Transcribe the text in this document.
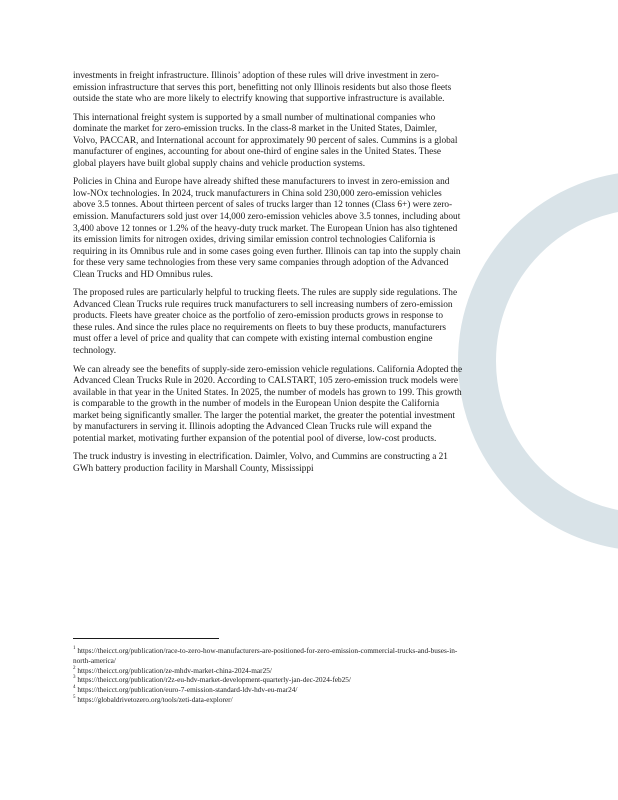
investments in freight infrastructure. Illinois’ adoption of these rules will drive investment in zero-emission infrastructure that serves this port, benefitting not only Illinois residents but also those fleets outside the state who are more likely to electrify knowing that supportive infrastructure is available.

This international freight system is supported by a small number of multinational companies who dominate the market for zero-emission trucks. In the class-8 market in the United States, Daimler, Volvo, PACCAR, and International account for approximately 90 percent of sales. Cummins is a global manufacturer of engines, accounting for about one-third of engine sales in the United States. These global players have built global supply chains and vehicle production systems.

Policies in China and Europe have already shifted these manufacturers to invest in zero-emission and low-NOx technologies. In 2024, truck manufacturers in China sold 230,000 zero-emission vehicles above 3.5 tonnes. About thirteen percent of sales of trucks larger than 12 tonnes (Class 6+) were zero-emission. Manufacturers sold just over 14,000 zero-emission vehicles above 3.5 tonnes, including about 3,400 above 12 tonnes or 1.2% of the heavy-duty truck market. The European Union has also tightened its emission limits for nitrogen oxides, driving similar emission control technologies California is requiring in its Omnibus rule and in some cases going even further. Illinois can tap into the supply chain for these very same technologies from these very same companies through adoption of the Advanced Clean Trucks and HD Omnibus rules.

The proposed rules are particularly helpful to trucking fleets. The rules are supply side regulations. The Advanced Clean Trucks rule requires truck manufacturers to sell increasing numbers of zero-emission products. Fleets have greater choice as the portfolio of zero-emission products grows in response to these rules. And since the rules place no requirements on fleets to buy these products, manufacturers must offer a level of price and quality that can compete with existing internal combustion engine technology.

We can already see the benefits of supply-side zero-emission vehicle regulations. California Adopted the Advanced Clean Trucks Rule in 2020. According to CALSTART, 105 zero-emission truck models were available in that year in the United States. In 2025, the number of models has grown to 199. This growth is comparable to the growth in the number of models in the European Union despite the California market being significantly smaller. The larger the potential market, the greater the potential investment by manufacturers in serving it. Illinois adopting the Advanced Clean Trucks rule will expand the potential market, motivating further expansion of the potential pool of diverse, low-cost products.

The truck industry is investing in electrification. Daimler, Volvo, and Cummins are constructing a 21 GWh battery production facility in Marshall County, Mississippi

$^1$ https://theicct.org/publication/race-to-zero-how-manufacturers-are-positioned-for-zero-emission-commercial-trucks-and-buses-in-north-america/

$^2$ https://theicct.org/publication/ze-mhdv-market-china-2024-mar25/

$^3$ https://theicct.org/publication/r2z-eu-hdv-market-development-quarterly-jan-dec-2024-feb25/

$^4$ https://theicct.org/publication/euro-7-emission-standard-ldv-hdv-eu-mar24/

$^5$ https://globaldrivetozero.org/tools/zeti-data-explorer/
